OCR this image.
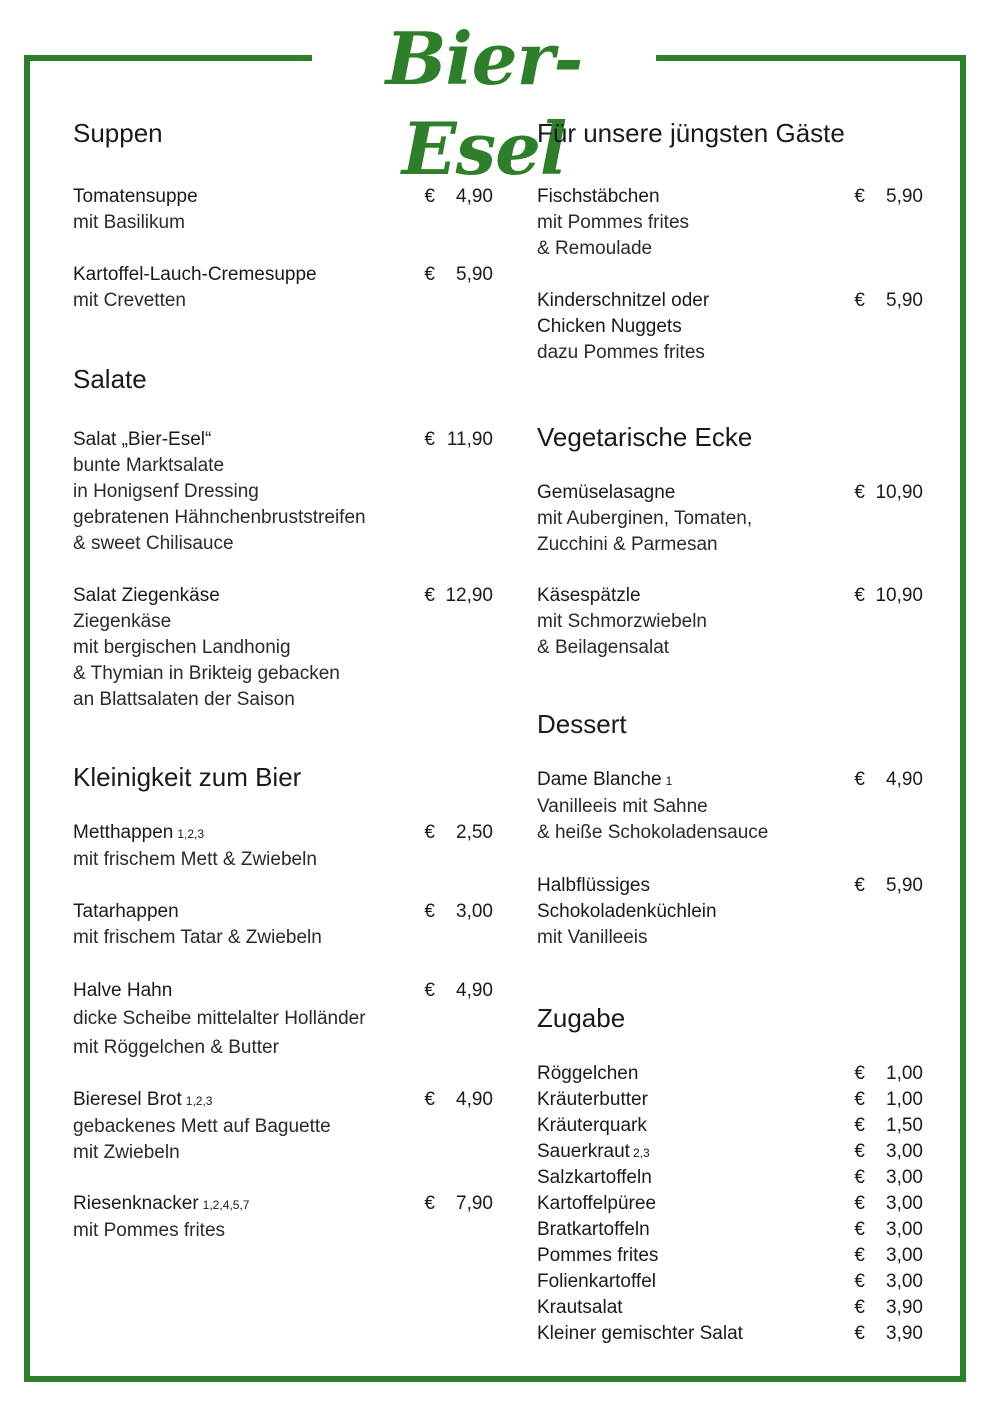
Bier-Esel
Suppen
Tomatensuppe
mit Basilikum
€ 4,90
Kartoffel-Lauch-Cremesuppe
mit Crevetten
€ 5,90
Salate
Salat „Bier-Esel“
bunte Marktsalate
in Honigsenf Dressing
gebratenen Hähnchenbruststreifen
& sweet Chilisauce
€ 11,90
Salat Ziegenkäse
Ziegenkäse
mit bergischen Landhonig
& Thymian in Brikteig gebacken
an Blattsalaten der Saison
€ 12,90
Kleinigkeit zum Bier
Metthappen 1,2,3
mit frischem Mett & Zwiebeln
€ 2,50
Tatarhappen
mit frischem Tatar & Zwiebeln
€ 3,00
Halve Hahn
dicke Scheibe mittelalter Holländer
mit Röggelchen & Butter
€ 4,90
Bieresel Brot 1,2,3
gebackenes Mett auf Baguette
mit Zwiebeln
€ 4,90
Riesenknacker 1,2,4,5,7
mit Pommes frites
€ 7,90
Für unsere jüngsten Gäste
Fischstäbchen
mit Pommes frites
& Remoulade
€ 5,90
Kinderschnitzel oder
Chicken Nuggets
dazu Pommes frites
€ 5,90
Vegetarische Ecke
Gemüselasagne
mit Auberginen, Tomaten,
Zucchini & Parmesan
€ 10,90
Käsespätzle
mit Schmorzwiebeln
& Beilagensalat
€ 10,90
Dessert
Dame Blanche 1
Vanilleeis mit Sahne
& heiße Schokoladensauce
€ 4,90
Halbflüssiges
Schokoladenküchlein
mit Vanilleeis
€ 5,90
Zugabe
Röggelchen	€ 1,00
Kräuterbutter	€ 1,00
Kräuterquark	€ 1,50
Sauerkraut 2,3	€ 3,00
Salzkartoffeln	€ 3,00
Kartoffelpüree	€ 3,00
Bratkartoffeln	€ 3,00
Pommes frites	€ 3,00
Folienkartoffel	€ 3,00
Krautsalat	€ 3,90
Kleiner gemischter Salat	€ 3,90
